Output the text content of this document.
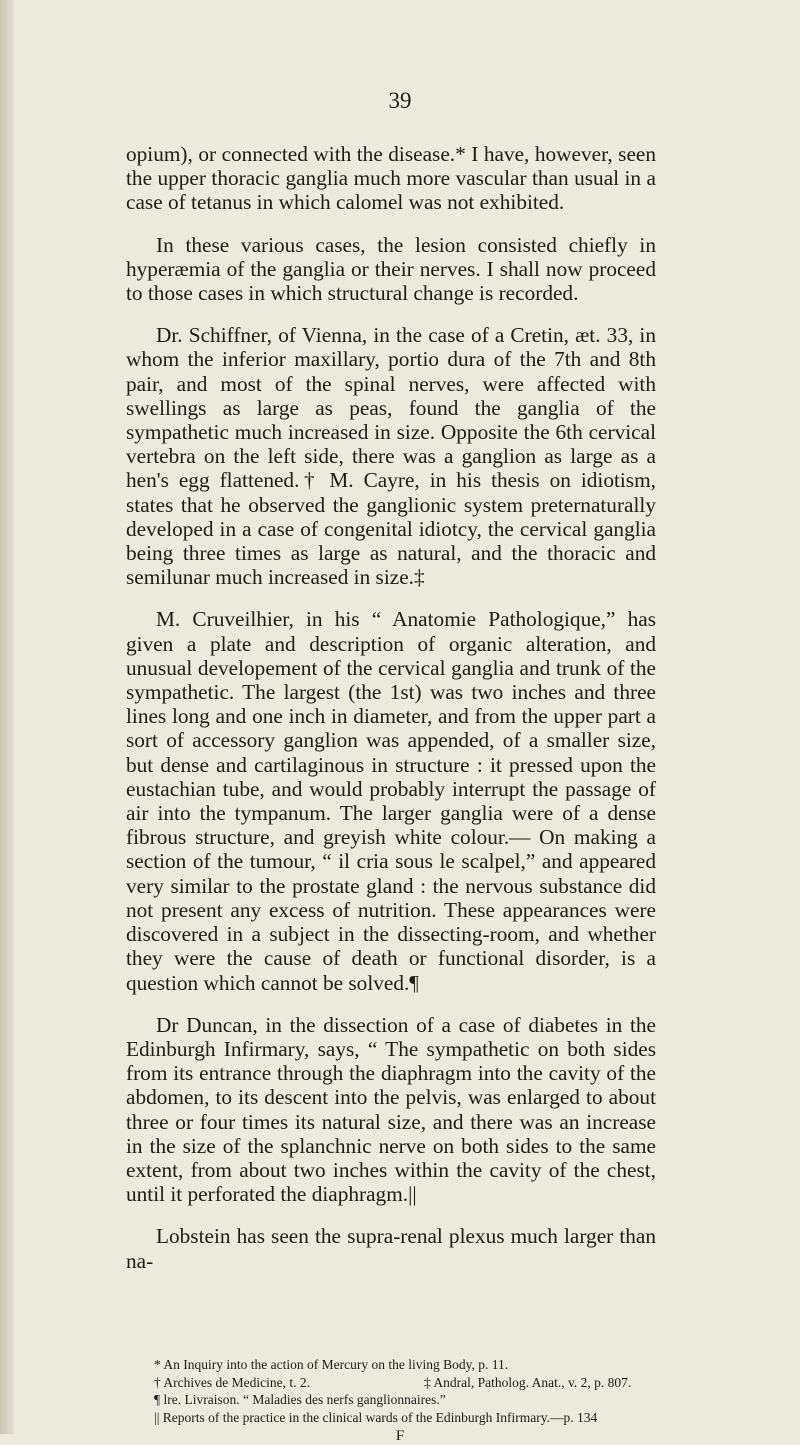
39

opium), or connected with the disease.* I have, however, seen the upper thoracic ganglia much more vascular than usual in a case of tetanus in which calomel was not exhibited.

In these various cases, the lesion consisted chiefly in hyperæmia of the ganglia or their nerves. I shall now proceed to those cases in which structural change is recorded.

Dr. Schiffner, of Vienna, in the case of a Cretin, æt. 33, in whom the inferior maxillary, portio dura of the 7th and 8th pair, and most of the spinal nerves, were affected with swellings as large as peas, found the ganglia of the sympathetic much increased in size. Opposite the 6th cervical vertebra on the left side, there was a ganglion as large as a hen's egg flattened.† M. Cayre, in his thesis on idiotism, states that he observed the ganglionic system preternaturally developed in a case of congenital idiotcy, the cervical ganglia being three times as large as natural, and the thoracic and semilunar much increased in size.‡

M. Cruveilhier, in his “ Anatomie Pathologique,” has given a plate and description of organic alteration, and unusual developement of the cervical ganglia and trunk of the sympathetic. The largest (the 1st) was two inches and three lines long and one inch in diameter, and from the upper part a sort of accessory ganglion was appended, of a smaller size, but dense and cartilaginous in structure : it pressed upon the eustachian tube, and would probably interrupt the passage of air into the tympanum. The larger ganglia were of a dense fibrous structure, and greyish white colour.— On making a section of the tumour, “ il cria sous le scalpel,” and appeared very similar to the prostate gland : the nervous substance did not present any excess of nutrition. These appearances were discovered in a subject in the dissecting-room, and whether they were the cause of death or functional disorder, is a question which cannot be solved.¶

Dr Duncan, in the dissection of a case of diabetes in the Edinburgh Infirmary, says, “ The sympathetic on both sides from its entrance through the diaphragm into the cavity of the abdomen, to its descent into the pelvis, was enlarged to about three or four times its natural size, and there was an increase in the size of the splanchnic nerve on both sides to the same extent, from about two inches within the cavity of the chest, until it perforated the diaphragm.||

Lobstein has seen the supra-renal plexus much larger than na-

* An Inquiry into the action of Mercury on the living Body, p. 11.

† Archives de Medicine, t. 2.	‡ Andral, Patholog. Anat., v. 2, p. 807.

¶ lre. Livraison. “ Maladies des nerfs ganglionnaires.”

|| Reports of the practice in the clinical wards of the Edinburgh Infirmary.—p. 134

F
